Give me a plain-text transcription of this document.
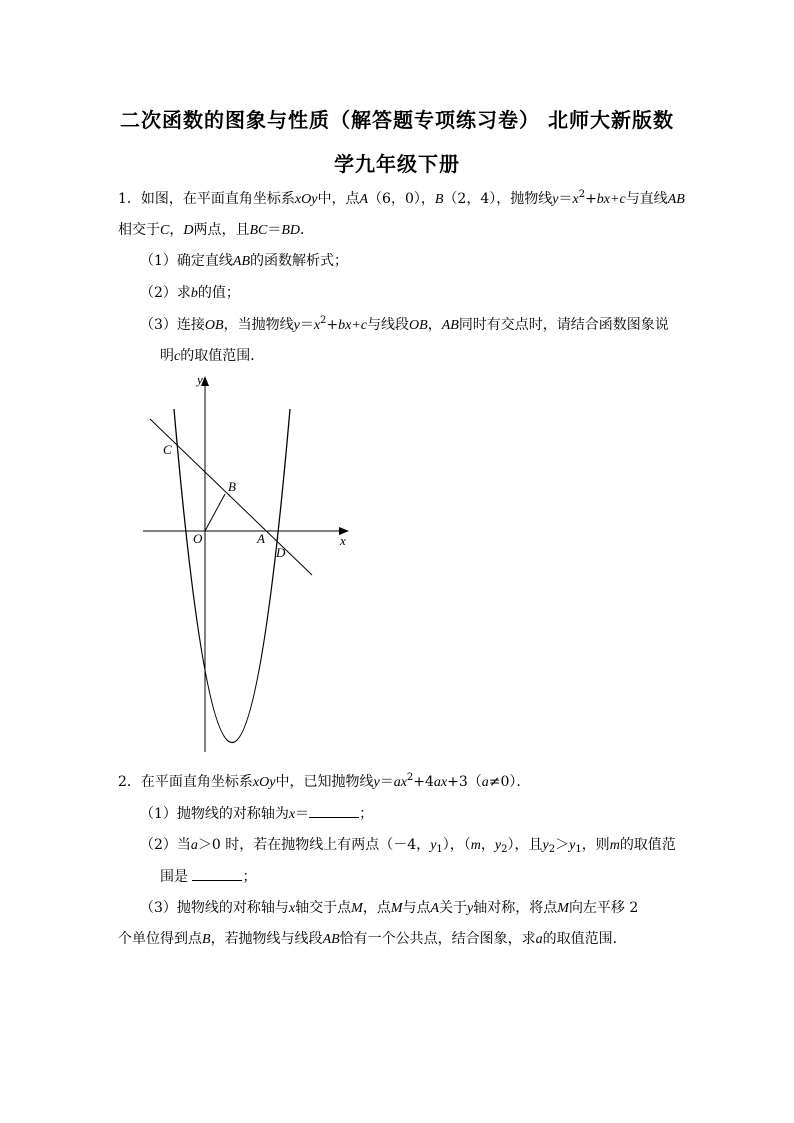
二次函数的图象与性质（解答题专项练习卷） 北师大新版数
学九年级下册
1．如图，在平面直角坐标系xOy中，点A（6，0），B（2，4），抛物线$y=x^2+bx+c$与直线AB
相交于C，D两点，且BC＝BD．
（1）确定直线AB的函数解析式；
（2）求b的值；
（3）连接OB，当抛物线$y=x^2+bx+c$与线段OB，AB同时有交点时，请结合函数图象说
明c的取值范围．
y
x
O	A
B
C
D
2．在平面直角坐标系xOy中，已知抛物线$y=ax^2+4ax+3(a\ne 0)$．
（1）抛物线的对称轴为x＝	；
（2）当a＞0 时，若在抛物线上有两点（－4，$y_1$），（m，$y_2$），且$y_2>y_1$，则m的取值范
围是	；
（3）抛物线的对称轴与x轴交于点M，点M与点A关于y轴对称，将点M向左平移 2
个单位得到点B，若抛物线与线段AB恰有一个公共点，结合图象，求a的取值范围．
